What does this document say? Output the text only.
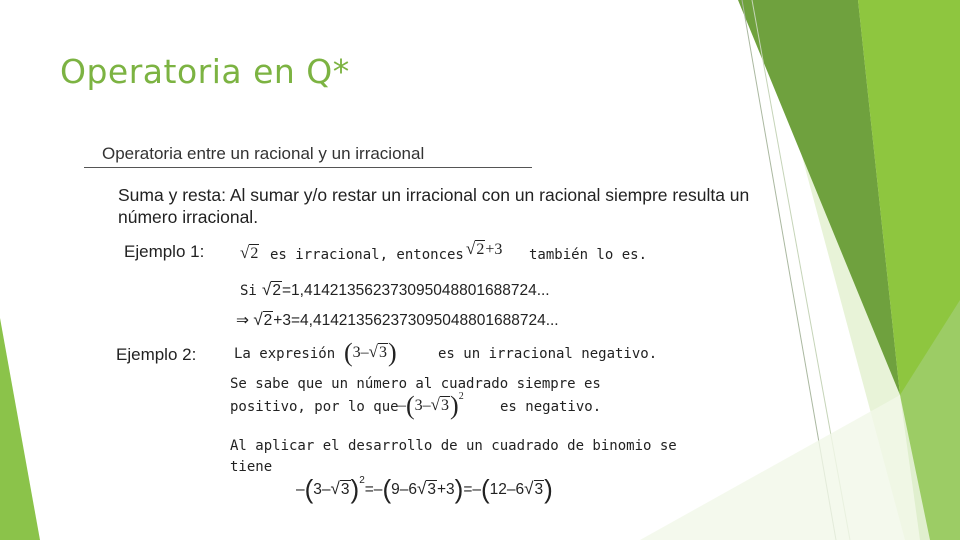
Operatoria en Q*
Operatoria entre un racional y un irracional
Suma y resta: Al sumar y/o restar un irracional con un racional siempre resulta un número irracional.
Ejemplo 1: √2 es irracional, entonces √2+3 también lo es.
Si √2=1,414213562373095048801688724...
⇒ √2+3=4,414213562373095048801688724...
Ejemplo 2:	La expresión (3–√3)	es un irracional negativo.
Se sabe que un número al cuadrado siempre es
positivo, por lo que $-(3-√3)^2$
es negativo.
Al aplicar el desarrollo de un cuadrado de binomio se
tiene
$-(3-√3)^2=-(9-6√3+3)=-(12-6√3)$
